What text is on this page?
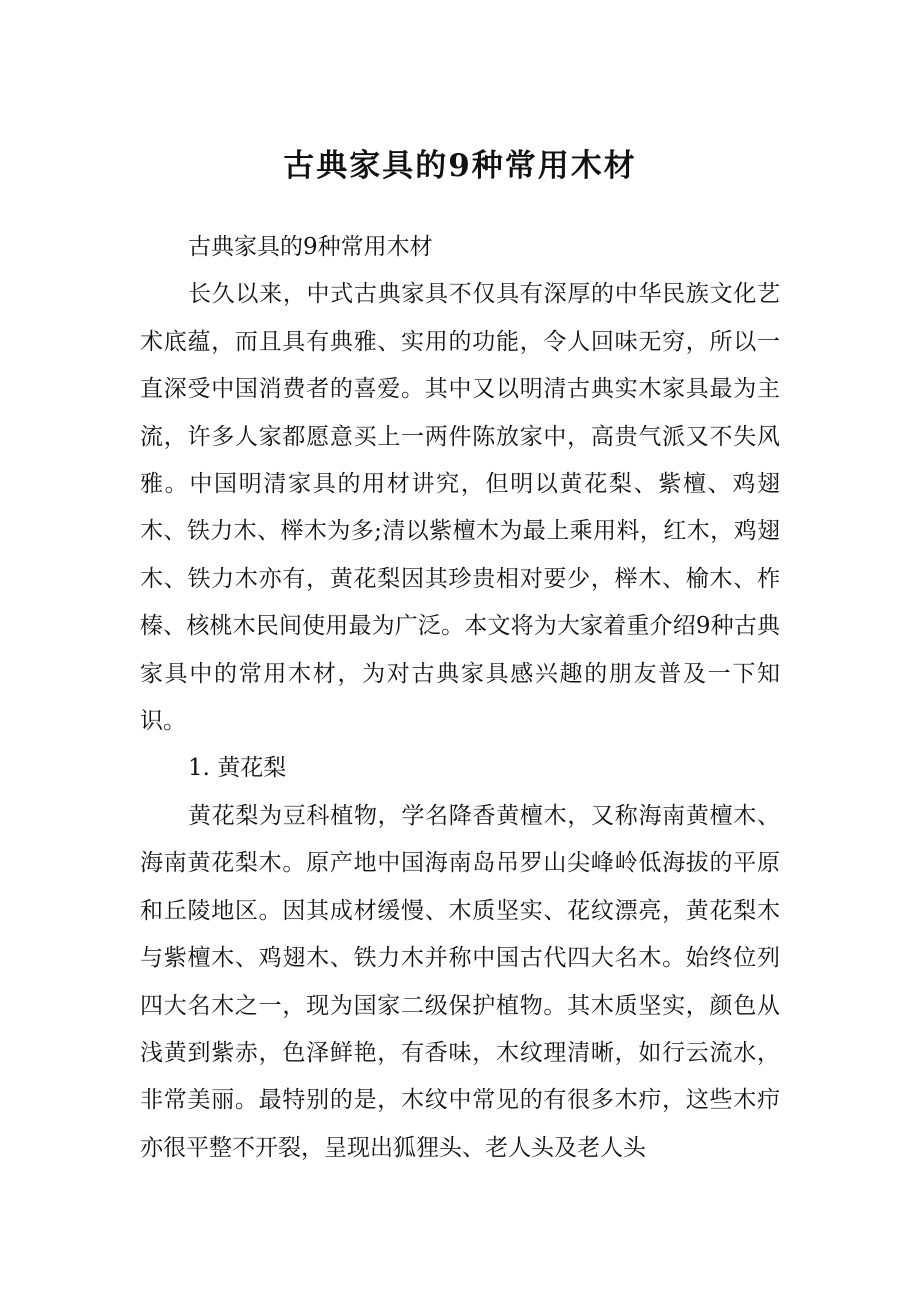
古典家具的9种常用木材

古典家具的9种常用木材

长久以来，中式古典家具不仅具有深厚的中华民族文化艺术底蕴，而且具有典雅、实用的功能，令人回味无穷，所以一直深受中国消费者的喜爱。其中又以明清古典实木家具最为主流，许多人家都愿意买上一两件陈放家中，高贵气派又不失风雅。中国明清家具的用材讲究，但明以黄花梨、紫檀、鸡翅木、铁力木、榉木为多;清以紫檀木为最上乘用料，红木，鸡翅木、铁力木亦有，黄花梨因其珍贵相对要少，榉木、榆木、柞榛、核桃木民间使用最为广泛。本文将为大家着重介绍9种古典家具中的常用木材，为对古典家具感兴趣的朋友普及一下知识。

1. 黄花梨

黄花梨为豆科植物，学名降香黄檀木，又称海南黄檀木、海南黄花梨木。原产地中国海南岛吊罗山尖峰岭低海拔的平原和丘陵地区。因其成材缓慢、木质坚实、花纹漂亮，黄花梨木与紫檀木、鸡翅木、铁力木并称中国古代四大名木。始终位列四大名木之一，现为国家二级保护植物。其木质坚实，颜色从浅黄到紫赤，色泽鲜艳，有香味，木纹理清晰，如行云流水，非常美丽。最特别的是，木纹中常见的有很多木疖，这些木疖亦很平整不开裂，呈现出狐狸头、老人头及老人头
